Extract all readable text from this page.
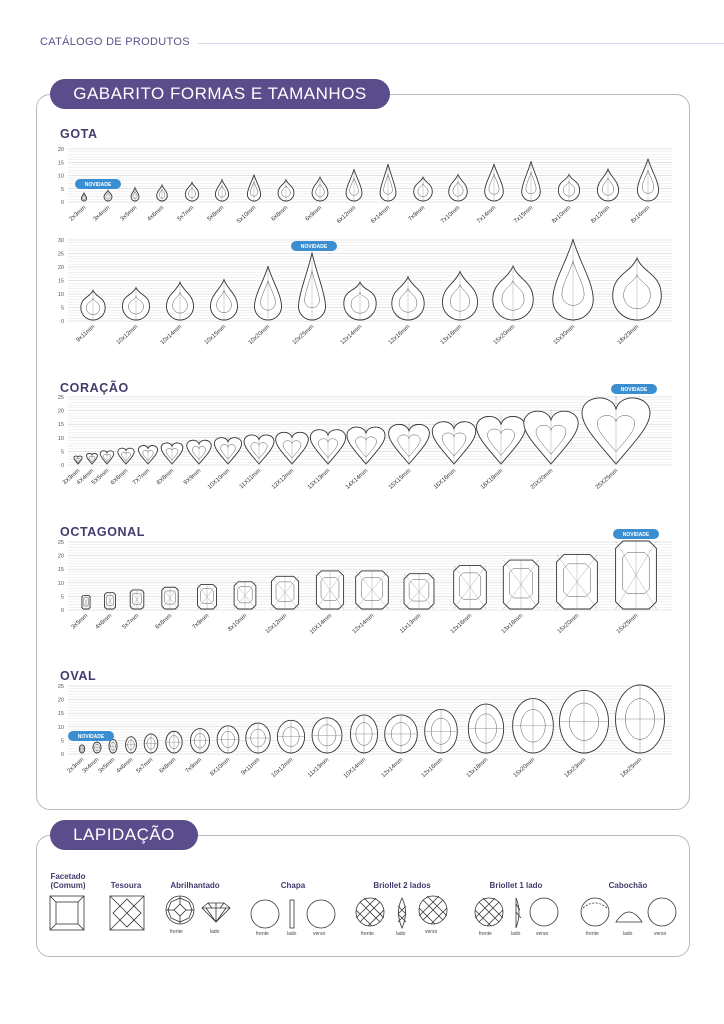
CATÁLOGO DE PRODUTOS
GABARITO FORMAS E TAMANHOS
GOTA
0
5
10
15
20
2x3mm 3x4mm 3x5mm 4x6mm 5x7mm 5x8mm 5x10mm 6x8mm	6x9mm 6x12mm 6x14mm	7x9mm 7x10mm 7x14mm	7x15mm	8x10mm	8x12mm	8x16mm
NOVIDADE
0
5
10
15
20
25
30
9x11mm	10x12mm	10x14mm	10x15mm	10x20mm	10x25mm	12x14mm	12x16mm	13x18mm	15x20mm	15x30mm	18x23mm
NOVIDADE
CORAÇÃO
0
5
10
15
20
25
3X3mm
4X4mm
5X5mm 6X6mm 7X7mm 8X8mm 9X9mm 10X10mm 11X11mm 12X12mm 13X13mm 14X14mm	15X15mm	16X16mm	18X18mm	20X20mm	25X25mm
NOVIDADE
OCTAGONAL
0
5
10
15
20
25
3x5mm 4x6mm 5x7mm 6x8mm	7x9mm	8x10mm	10x12mm	10X14mm	12x14mm	11x13mm	12x16mm	13x18mm	15x20mm	15x25mm
NOVIDADE
OVAL
0
5
10
15
20
25
2x3mm
3x4mm
3x5mm 4x6mm 5x7mm 6x8mm 7x9mm 8X10mm 9x11mm 10x12mm 11x13mm 10X14mm 12x14mm	12x16mm	13x18mm	15x20mm	18x23mm	18x25mm
NOVIDADE
LAPIDAÇÃO
Facetado (Comum)	Tesoura	Abrilhantado	Chapa	Briollet 2 lados	Briollet 1 lado	Cabochão
frente	lado	frente	lado	verso	frente	lado	verso	frente	lado	verso	frente	lado	verso
